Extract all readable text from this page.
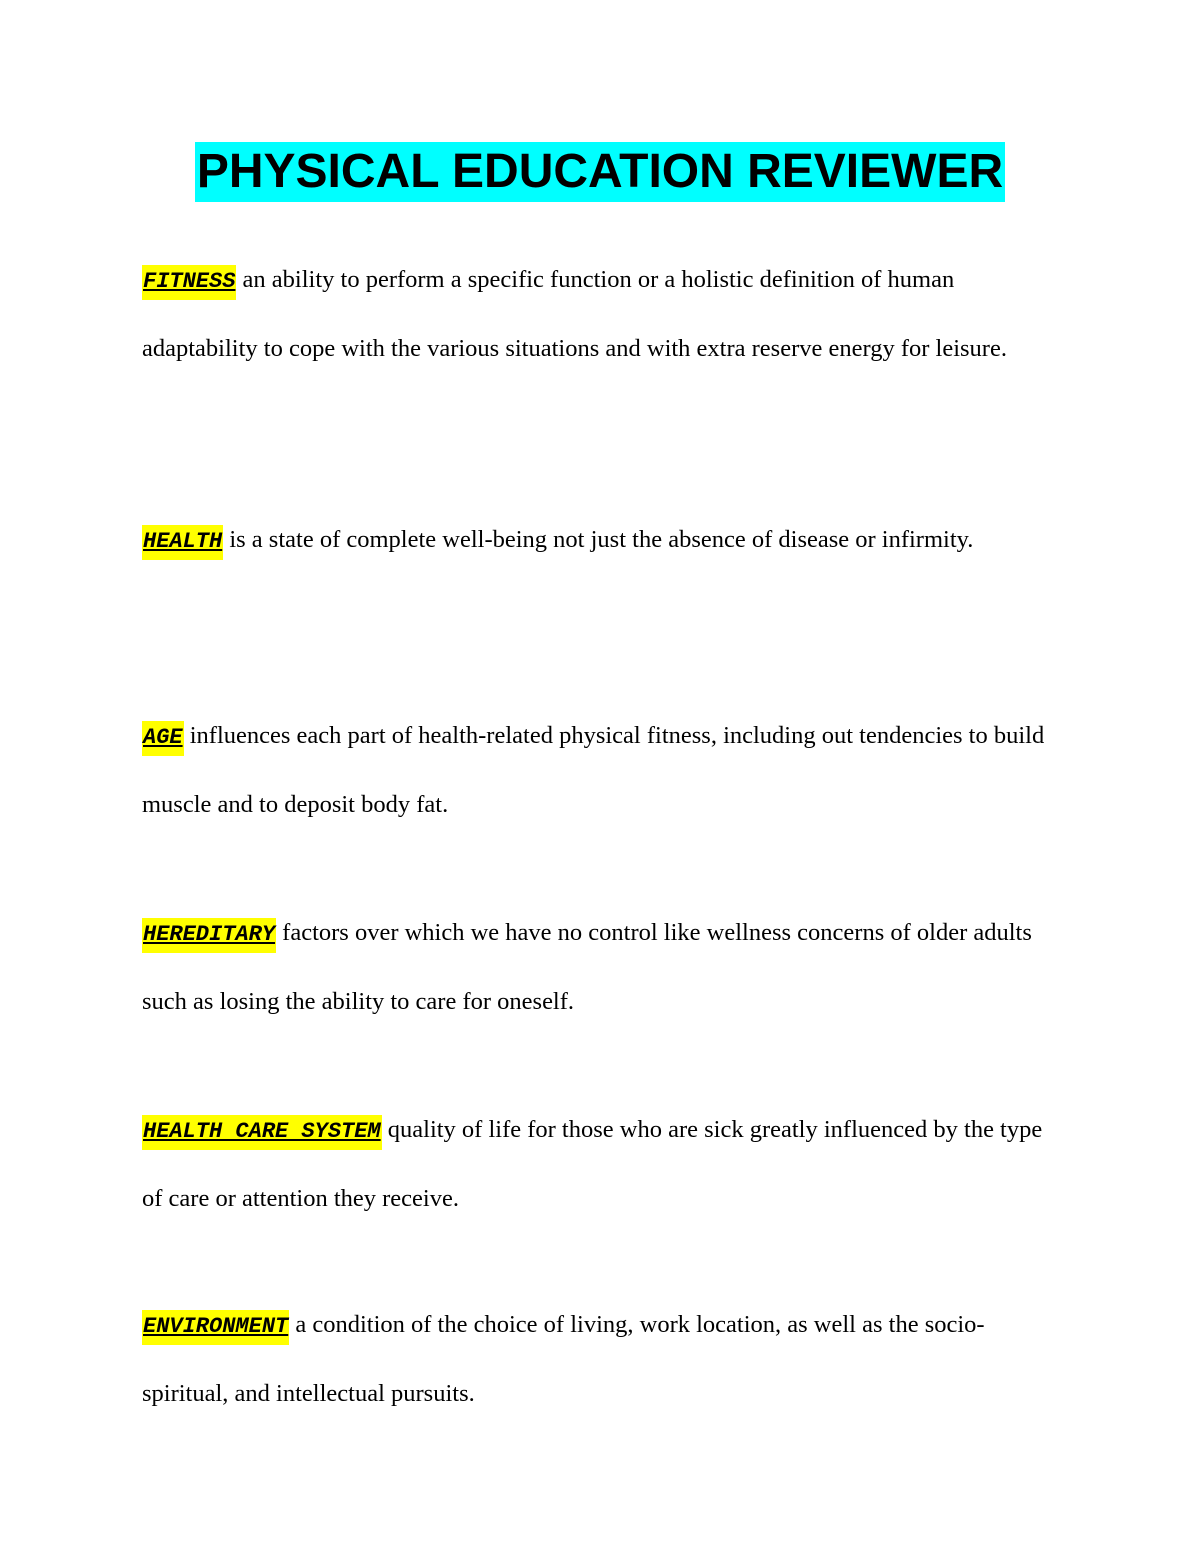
PHYSICAL EDUCATION REVIEWER

FITNESS an ability to perform a specific function or a holistic definition of human adaptability to cope with the various situations and with extra reserve energy for leisure.

HEALTH is a state of complete well-being not just the absence of disease or infirmity.

AGE influences each part of health-related physical fitness, including out tendencies to build muscle and to deposit body fat.

HEREDITARY factors over which we have no control like wellness concerns of older adults such as losing the ability to care for oneself.

HEALTH CARE SYSTEM quality of life for those who are sick greatly influenced by the type of care or attention they receive.

ENVIRONMENT a condition of the choice of living, work location, as well as the socio-spiritual, and intellectual pursuits.
